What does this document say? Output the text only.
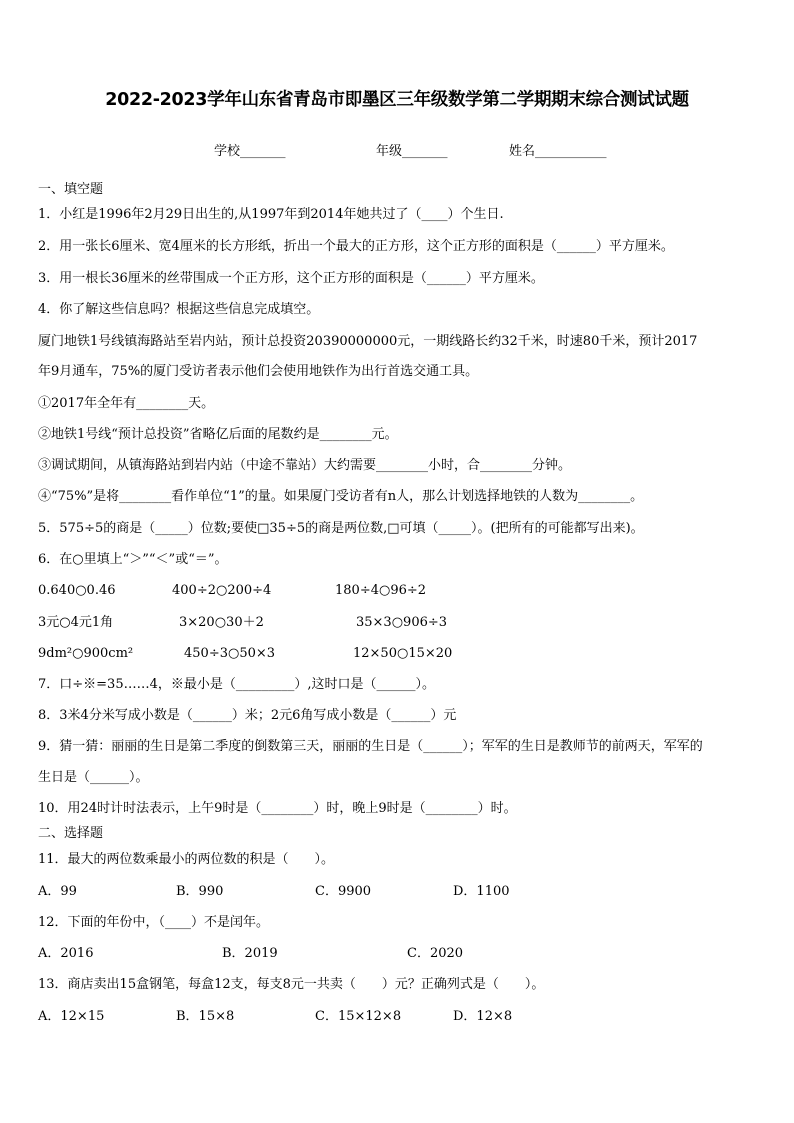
2022-2023学年山东省青岛市即墨区三年级数学第二学期期末综合测试试题
学校_______	年级_______	姓名___________
一、填空题
1．小红是1996年2月29日出生的,从1997年到2014年她共过了（____）个生日.
2．用一张长6厘米、宽4厘米的长方形纸，折出一个最大的正方形，这个正方形的面积是（______）平方厘米。
3．用一根长36厘米的丝带围成一个正方形，这个正方形的面积是（______）平方厘米。
4．你了解这些信息吗？根据这些信息完成填空。
厦门地铁1号线镇海路站至岩内站，预计总投资20390000000元，一期线路长约32千米，时速80千米，预计2017
年9月通车，75%的厦门受访者表示他们会使用地铁作为出行首选交通工具。
①2017年全年有________天。
②地铁1号线“预计总投资”省略亿后面的尾数约是________元。
③调试期间，从镇海路站到岩内站（中途不靠站）大约需要________小时，合________分钟。
④“75%”是将________看作单位“1”的量。如果厦门受访者有n人，那么计划选择地铁的人数为________。
5．575÷5的商是（_____）位数;要使□35÷5的商是两位数,□可填（_____）。(把所有的可能都写出来)。
6．在○里填上“＞”“＜”或“＝”。
0.640○0.46	400÷2○200÷4	180÷4○96÷2
3元○4元1角	3×20○30＋2	35×3○906÷3
9dm²○900cm²	450÷3○50×3	12×50○15×20
7．口÷※=35……4，※最小是（_________）,这时口是（______）。
8．3米4分米写成小数是（______）米；2元6角写成小数是（______）元
9．猜一猜：丽丽的生日是第二季度的倒数第三天，丽丽的生日是（______）；军军的生日是教师节的前两天，军军的
生日是（______）。
10．用24时计时法表示，上午9时是（________）时，晚上9时是（________）时。
二、选择题
11．最大的两位数乘最小的两位数的积是（　　）。
A．99	B．990	C．9900	D．1100
12．下面的年份中，（____）不是闰年。
A．2016	B．2019	C．2020
13．商店卖出15盒钢笔，每盒12支，每支8元一共卖（　　）元？正确列式是（　　）。
A．12×15	B．15×8	C．15×12×8	D．12×8
